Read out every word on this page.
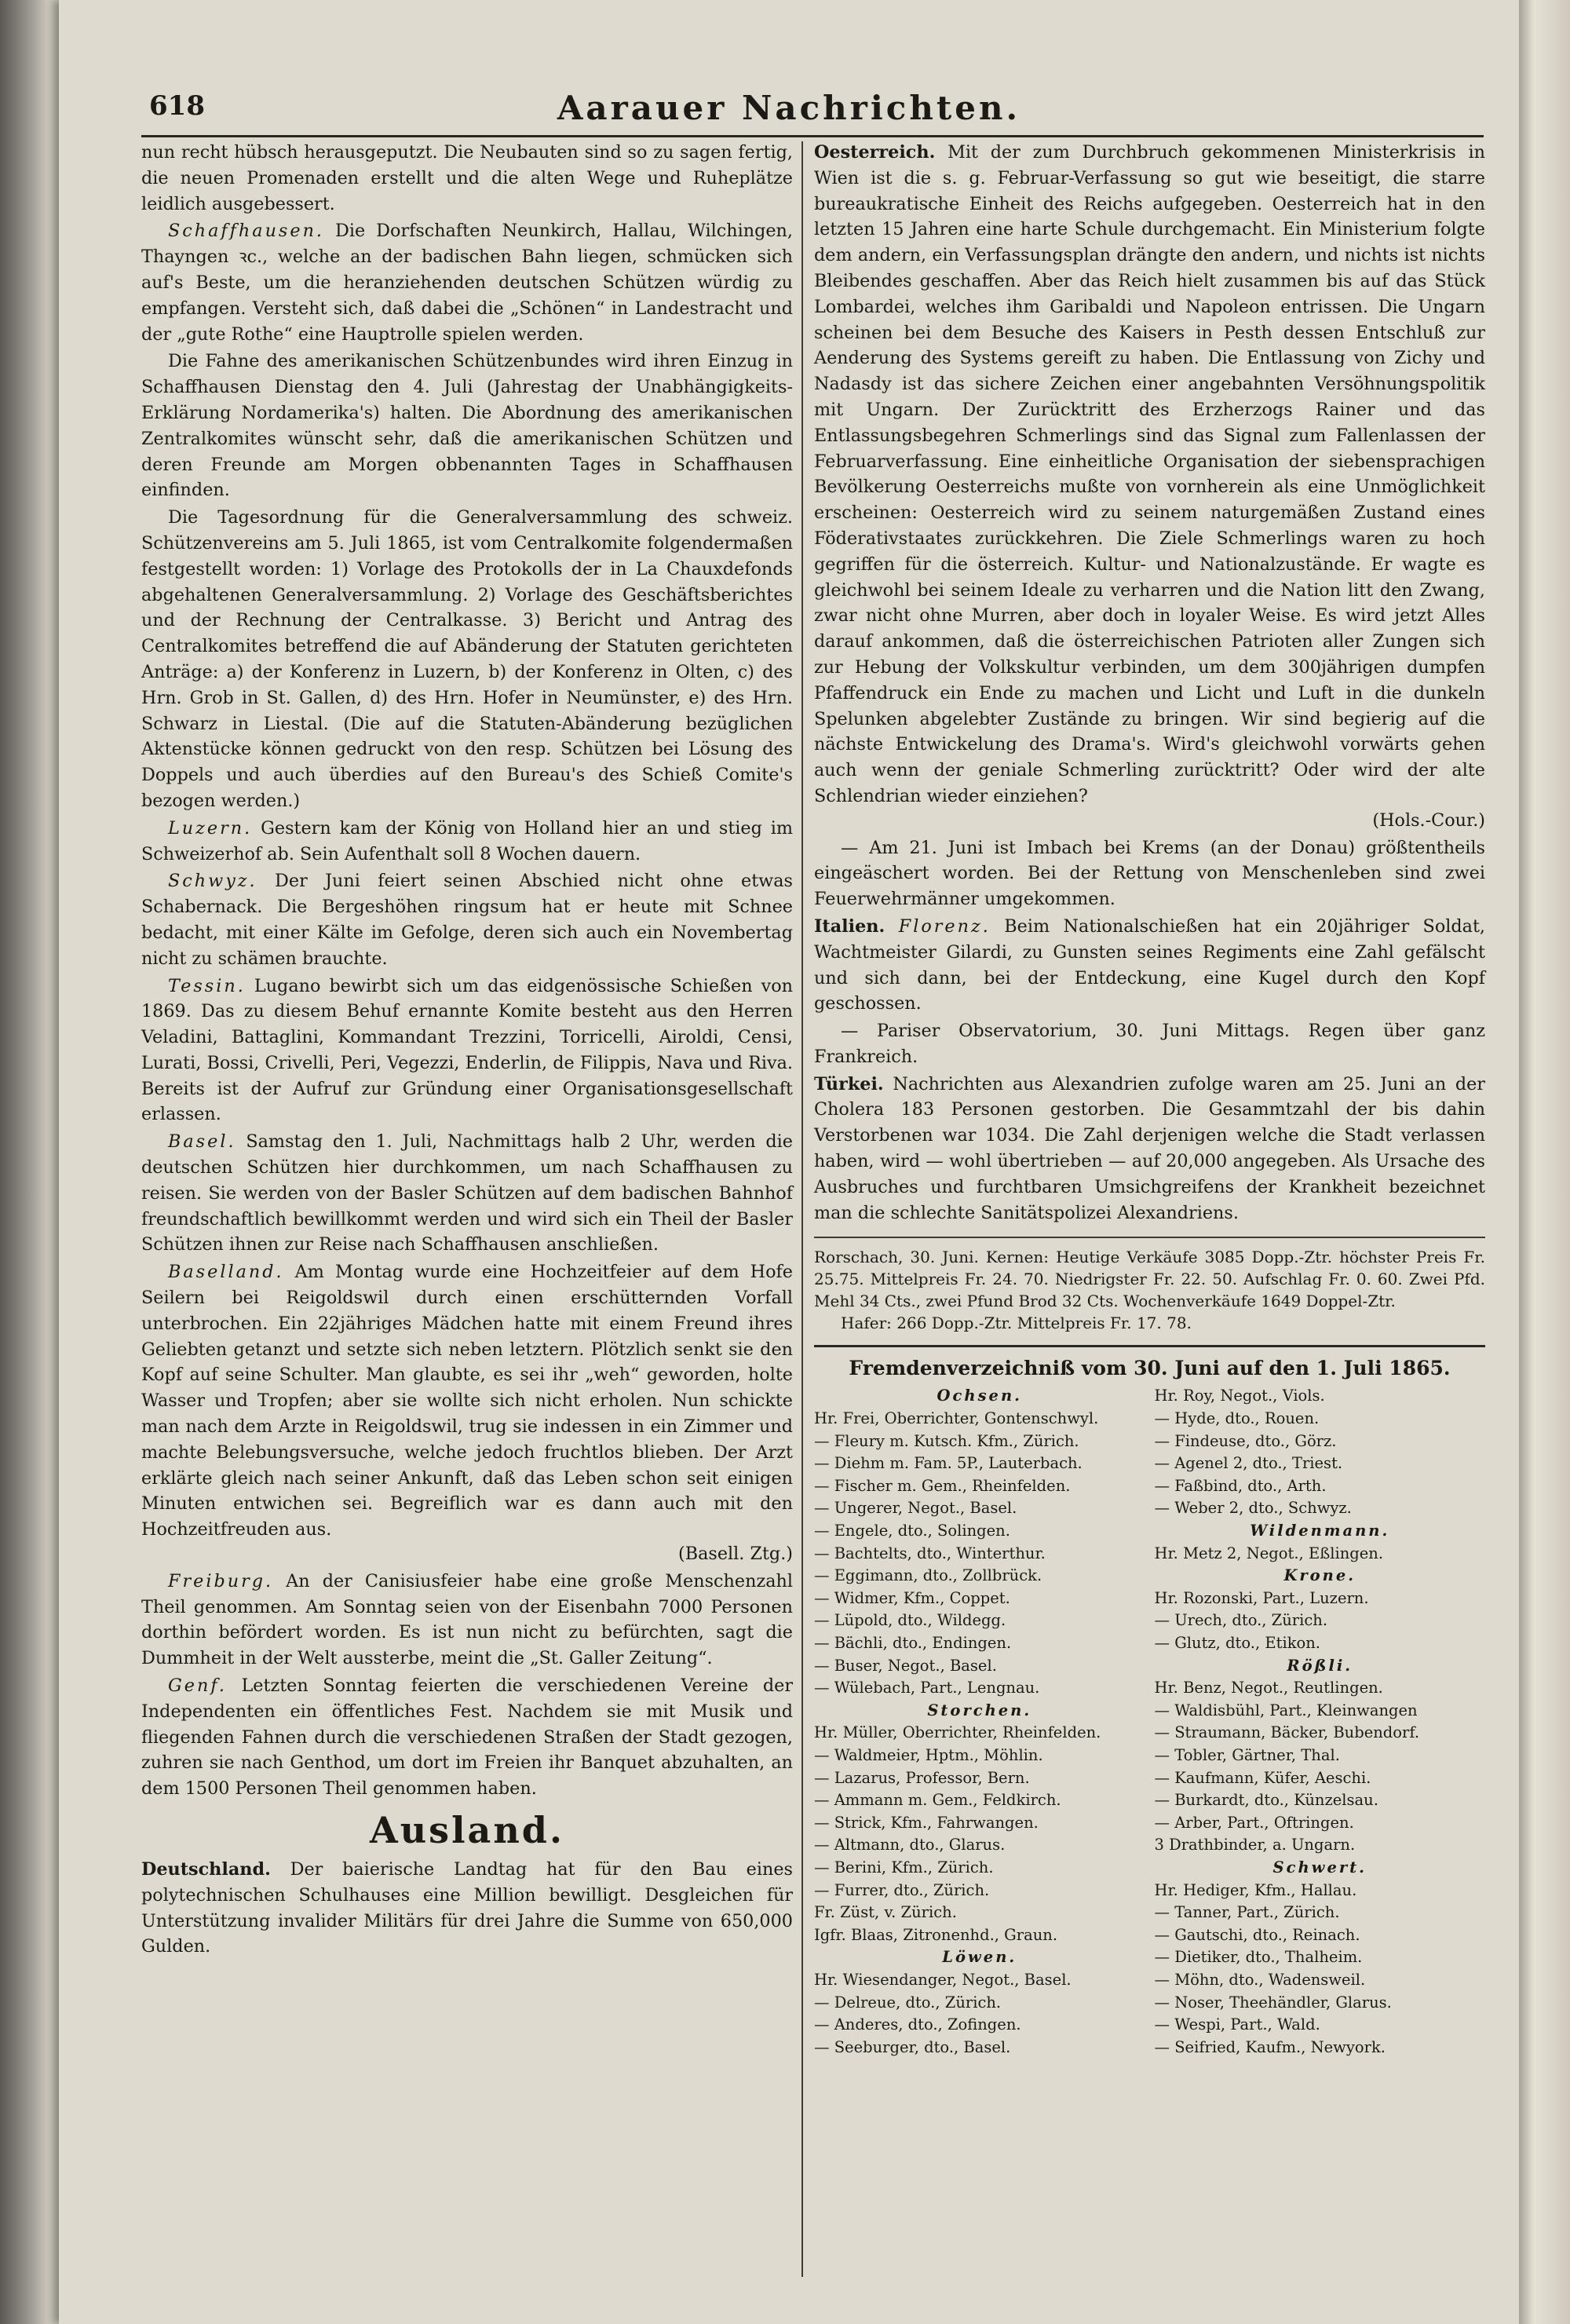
618	Aarauer Nachrichten.

nun recht hübsch herausgeputzt. Die Neubauten sind so zu sagen fertig, die neuen Promenaden erstellt und die alten Wege und Ruheplätze leidlich ausgebessert.

Schaffhausen. Die Dorfschaften Neunkirch, Hallau, Wilchingen, Thayngen ꝛc., welche an der badischen Bahn liegen, schmücken sich auf's Beste, um die heranziehenden deutschen Schützen würdig zu empfangen. Versteht sich, daß dabei die „Schönen“ in Landestracht und der „gute Rothe“ eine Hauptrolle spielen werden.

Die Fahne des amerikanischen Schützenbundes wird ihren Einzug in Schaffhausen Dienstag den 4. Juli (Jahrestag der Unabhängigkeits-Erklärung Nordamerika's) halten. Die Abordnung des amerikanischen Zentralkomites wünscht sehr, daß die amerikanischen Schützen und deren Freunde am Morgen obbenannten Tages in Schaffhausen einfinden.

Die Tagesordnung für die Generalversammlung des schweiz. Schützenvereins am 5. Juli 1865, ist vom Centralkomite folgendermaßen festgestellt worden: 1) Vorlage des Protokolls der in La Chauxdefonds abgehaltenen Generalversammlung. 2) Vorlage des Geschäftsberichtes und der Rechnung der Centralkasse. 3) Bericht und Antrag des Centralkomites betreffend die auf Abänderung der Statuten gerichteten Anträge: a) der Konferenz in Luzern, b) der Konferenz in Olten, c) des Hrn. Grob in St. Gallen, d) des Hrn. Hofer in Neumünster, e) des Hrn. Schwarz in Liestal. (Die auf die Statuten-Abänderung bezüglichen Aktenstücke können gedruckt von den resp. Schützen bei Lösung des Doppels und auch überdies auf den Bureau's des Schieß Comite's bezogen werden.)

Luzern. Gestern kam der König von Holland hier an und stieg im Schweizerhof ab. Sein Aufenthalt soll 8 Wochen dauern.

Schwyz. Der Juni feiert seinen Abschied nicht ohne etwas Schabernack. Die Bergeshöhen ringsum hat er heute mit Schnee bedacht, mit einer Kälte im Gefolge, deren sich auch ein Novembertag nicht zu schämen brauchte.

Tessin. Lugano bewirbt sich um das eidgenössische Schießen von 1869. Das zu diesem Behuf ernannte Komite besteht aus den Herren Veladini, Battaglini, Kommandant Trezzini, Torricelli, Airoldi, Censi, Lurati, Bossi, Crivelli, Peri, Vegezzi, Enderlin, de Filippis, Nava und Riva. Bereits ist der Aufruf zur Gründung einer Organisationsgesellschaft erlassen.

Basel. Samstag den 1. Juli, Nachmittags halb 2 Uhr, werden die deutschen Schützen hier durchkommen, um nach Schaffhausen zu reisen. Sie werden von der Basler Schützen auf dem badischen Bahnhof freundschaftlich bewillkommt werden und wird sich ein Theil der Basler Schützen ihnen zur Reise nach Schaffhausen anschließen.

Baselland. Am Montag wurde eine Hochzeitfeier auf dem Hofe Seilern bei Reigoldswil durch einen erschütternden Vorfall unterbrochen. Ein 22jähriges Mädchen hatte mit einem Freund ihres Geliebten getanzt und setzte sich neben letztern. Plötzlich senkt sie den Kopf auf seine Schulter. Man glaubte, es sei ihr „weh“ geworden, holte Wasser und Tropfen; aber sie wollte sich nicht erholen. Nun schickte man nach dem Arzte in Reigoldswil, trug sie indessen in ein Zimmer und machte Belebungsversuche, welche jedoch fruchtlos blieben. Der Arzt erklärte gleich nach seiner Ankunft, daß das Leben schon seit einigen Minuten entwichen sei. Begreiflich war es dann auch mit den Hochzeitfreuden aus.
(Basell. Ztg.)

Freiburg. An der Canisiusfeier habe eine große Menschenzahl Theil genommen. Am Sonntag seien von der Eisenbahn 7000 Personen dorthin befördert worden. Es ist nun nicht zu befürchten, sagt die Dummheit in der Welt aussterbe, meint die „St. Galler Zeitung“.

Genf. Letzten Sonntag feierten die verschiedenen Vereine der Independenten ein öffentliches Fest. Nachdem sie mit Musik und fliegenden Fahnen durch die verschiedenen Straßen der Stadt gezogen, zuhren sie nach Genthod, um dort im Freien ihr Banquet abzuhalten, an dem 1500 Personen Theil genommen haben.

Ausland.

Deutschland. Der baierische Landtag hat für den Bau eines polytechnischen Schulhauses eine Million bewilligt. Desgleichen für Unterstützung invalider Militärs für drei Jahre die Summe von 650,000 Gulden.

Oesterreich. Mit der zum Durchbruch gekommenen Ministerkrisis in Wien ist die s. g. Februar-Verfassung so gut wie beseitigt, die starre bureaukratische Einheit des Reichs aufgegeben. Oesterreich hat in den letzten 15 Jahren eine harte Schule durchgemacht. Ein Ministerium folgte dem andern, ein Verfassungsplan drängte den andern, und nichts ist nichts Bleibendes geschaffen. Aber das Reich hielt zusammen bis auf das Stück Lombardei, welches ihm Garibaldi und Napoleon entrissen. Die Ungarn scheinen bei dem Besuche des Kaisers in Pesth dessen Entschluß zur Aenderung des Systems gereift zu haben. Die Entlassung von Zichy und Nadasdy ist das sichere Zeichen einer angebahnten Versöhnungspolitik mit Ungarn. Der Zurücktritt des Erzherzogs Rainer und das Entlassungsbegehren Schmerlings sind das Signal zum Fallenlassen der Februarverfassung. Eine einheitliche Organisation der siebensprachigen Bevölkerung Oesterreichs mußte von vornherein als eine Unmöglichkeit erscheinen: Oesterreich wird zu seinem naturgemäßen Zustand eines Föderativstaates zurückkehren. Die Ziele Schmerlings waren zu hoch gegriffen für die österreich. Kultur- und Nationalzustände. Er wagte es gleichwohl bei seinem Ideale zu verharren und die Nation litt den Zwang, zwar nicht ohne Murren, aber doch in loyaler Weise. Es wird jetzt Alles darauf ankommen, daß die österreichischen Patrioten aller Zungen sich zur Hebung der Volkskultur verbinden, um dem 300jährigen dumpfen Pfaffendruck ein Ende zu machen und Licht und Luft in die dunkeln Spelunken abgelebter Zustände zu bringen. Wir sind begierig auf die nächste Entwickelung des Drama's. Wird's gleichwohl vorwärts gehen auch wenn der geniale Schmerling zurücktritt? Oder wird der alte Schlendrian wieder einziehen?
(Hols.-Cour.)

— Am 21. Juni ist Imbach bei Krems (an der Donau) größtentheils eingeäschert worden. Bei der Rettung von Menschenleben sind zwei Feuerwehrmänner umgekommen.

Italien. Florenz. Beim Nationalschießen hat ein 20jähriger Soldat, Wachtmeister Gilardi, zu Gunsten seines Regiments eine Zahl gefälscht und sich dann, bei der Entdeckung, eine Kugel durch den Kopf geschossen.

— Pariser Observatorium, 30. Juni Mittags. Regen über ganz Frankreich.

Türkei. Nachrichten aus Alexandrien zufolge waren am 25. Juni an der Cholera 183 Personen gestorben. Die Gesammtzahl der bis dahin Verstorbenen war 1034. Die Zahl derjenigen welche die Stadt verlassen haben, wird — wohl übertrieben — auf 20,000 angegeben. Als Ursache des Ausbruches und furchtbaren Umsichgreifens der Krankheit bezeichnet man die schlechte Sanitätspolizei Alexandriens.

Rorschach, 30. Juni. Kernen: Heutige Verkäufe 3085 Dopp.-Ztr. höchster Preis Fr. 25.75. Mittelpreis Fr. 24. 70. Niedrigster Fr. 22. 50. Aufschlag Fr. 0. 60. Zwei Pfd. Mehl 34 Cts., zwei Pfund Brod 32 Cts. Wochenverkäufe 1649 Doppel-Ztr.

Hafer: 266 Dopp.-Ztr. Mittelpreis Fr. 17. 78.

Fremdenverzeichniß vom 30. Juni auf den 1. Juli 1865.
Ochsen.
Hr. Frei, Oberrichter, Gontenschwyl.
— Fleury m. Kutsch. Kfm., Zürich.
— Diehm m. Fam. 5P., Lauterbach.
— Fischer m. Gem., Rheinfelden.
— Ungerer, Negot., Basel.
— Engele, dto., Solingen.
— Bachtelts, dto., Winterthur.
— Eggimann, dto., Zollbrück.
— Widmer, Kfm., Coppet.
— Lüpold, dto., Wildegg.
— Bächli, dto., Endingen.
— Buser, Negot., Basel.
— Wülebach, Part., Lengnau.
Storchen.
Hr. Müller, Oberrichter, Rheinfelden.
— Waldmeier, Hptm., Möhlin.
— Lazarus, Professor, Bern.
— Ammann m. Gem., Feldkirch.
— Strick, Kfm., Fahrwangen.
— Altmann, dto., Glarus.
— Berini, Kfm., Zürich.
— Furrer, dto., Zürich.
Fr. Züst, v. Zürich.
Igfr. Blaas, Zitronenhd., Graun.
Löwen.
Hr. Wiesendanger, Negot., Basel.
— Delreue, dto., Zürich.
— Anderes, dto., Zofingen.
— Seeburger, dto., Basel.
Hr. Roy, Negot., Viols.
— Hyde, dto., Rouen.
— Findeuse, dto., Görz.
— Agenel 2, dto., Triest.
— Faßbind, dto., Arth.
— Weber 2, dto., Schwyz.
Wildenmann.
Hr. Metz 2, Negot., Eßlingen.
Krone.
Hr. Rozonski, Part., Luzern.
— Urech, dto., Zürich.
— Glutz, dto., Etikon.
Rößli.
Hr. Benz, Negot., Reutlingen.
— Waldisbühl, Part., Kleinwangen
— Straumann, Bäcker, Bubendorf.
— Tobler, Gärtner, Thal.
— Kaufmann, Küfer, Aeschi.
— Burkardt, dto., Künzelsau.
— Arber, Part., Oftringen.
3 Drathbinder, a. Ungarn.
Schwert.
Hr. Hediger, Kfm., Hallau.
— Tanner, Part., Zürich.
— Gautschi, dto., Reinach.
— Dietiker, dto., Thalheim.
— Möhn, dto., Wadensweil.
— Noser, Theehändler, Glarus.
— Wespi, Part., Wald.
— Seifried, Kaufm., Newyork.
